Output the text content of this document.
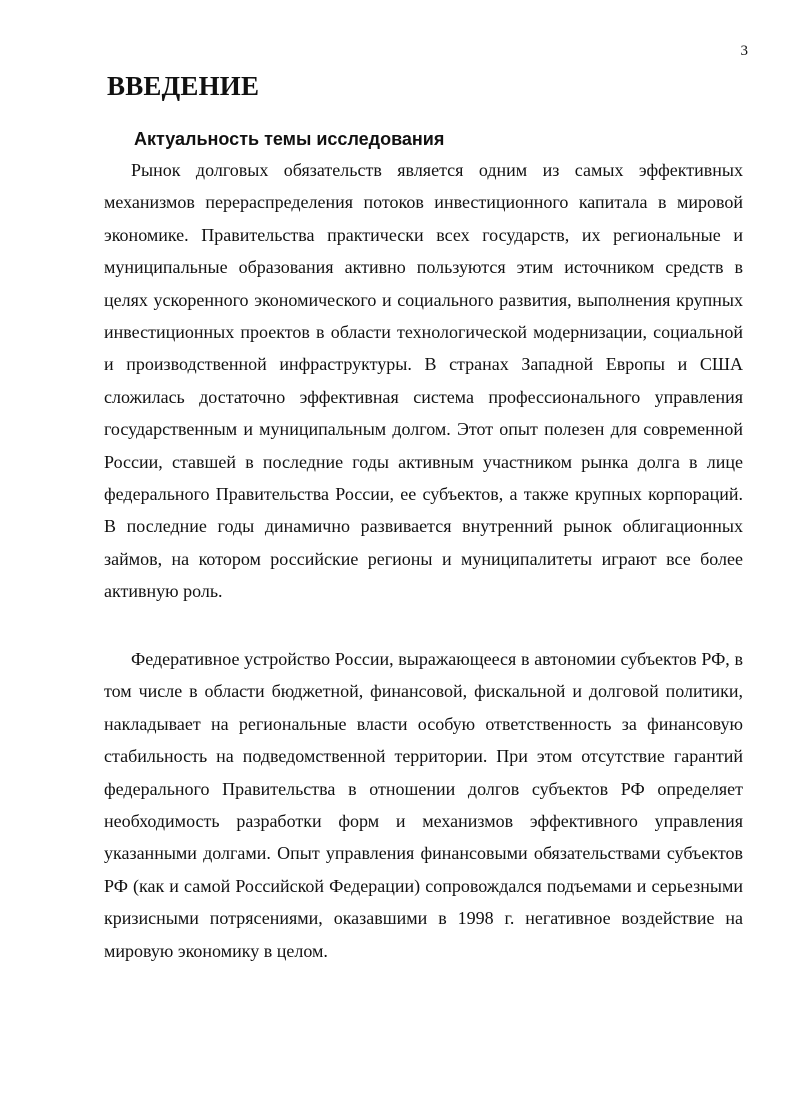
3
ВВЕДЕНИЕ
Актуальность темы исследования

Рынок долговых обязательств является одним из самых эффективных механизмов перераспределения потоков инвестиционного капитала в мировой экономике. Правительства практически всех государств, их региональные и муниципальные образования активно пользуются этим источником средств в целях ускоренного экономического и социального развития, выполнения крупных инвестиционных проектов в области технологической модернизации, социальной и производственной инфраструктуры. В странах Западной Европы и США сложилась достаточно эффективная система профессионального управления государственным и муниципальным долгом. Этот опыт полезен для современной России, ставшей в последние годы активным участником рынка долга в лице федерального Правительства России, ее субъектов, а также крупных корпораций. В последние годы динамично развивается внутренний рынок облигационных займов, на котором российские регионы и муниципалитеты играют все более активную роль.

Федеративное устройство России, выражающееся в автономии субъектов РФ, в том числе в области бюджетной, финансовой, фискальной и долговой политики, накладывает на региональные власти особую ответственность за финансовую стабильность на подведомственной территории. При этом отсутствие гарантий федерального Правительства в отношении долгов субъектов РФ определяет необходимость разработки форм и механизмов эффективного управления указанными долгами. Опыт управления финансовыми обязательствами субъектов РФ (как и самой Российской Федерации) сопровождался подъемами и серьезными кризисными потрясениями, оказавшими в 1998 г. негативное воздействие на мировую экономику в целом.
